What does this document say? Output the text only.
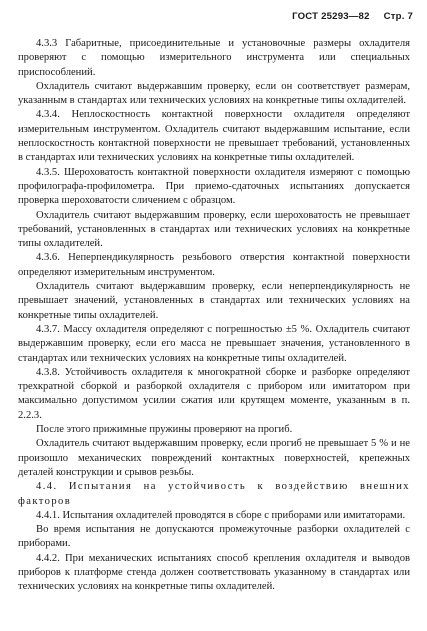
ГОСТ 25293—82 Стр. 7

4.3.3 Габаритные, присоединительные и установочные размеры охладителя проверяют с помощью измерительного инструмента или специальных приспособлений.

Охладитель считают выдержавшим проверку, если он соответствует размерам, указанным в стандартах или технических условиях на конкретные типы охладителей.

4.3.4. Неплоскостность контактной поверхности охладителя определяют измерительным инструментом. Охладитель считают выдержавшим испытание, если неплоскостность контактной поверхности не превышает требований, установленных в стандартах или технических условиях на конкретные типы охладителей.

4.3.5. Шероховатость контактной поверхности охладителя измеряют с помощью профилографа-профилометра. При приемо-сдаточных испытаниях допускается проверка шероховатости сличением с образцом.

Охладитель считают выдержавшим проверку, если шероховатость не превышает требований, установленных в стандартах или технических условиях на конкретные типы охладителей.

4.3.6. Неперпендикулярность резьбового отверстия контактной поверхности определяют измерительным инструментом.

Охладитель считают выдержавшим проверку, если неперпендикулярность не превышает значений, установленных в стандартах или технических условиях на конкретные типы охладителей.

4.3.7. Массу охладителя определяют с погрешностью ±5 %. Охладитель считают выдержавшим проверку, если его масса не превышает значения, установленного в стандартах или технических условиях на конкретные типы охладителей.

4.3.8. Устойчивость охладителя к многократной сборке и разборке определяют трехкратной сборкой и разборкой охладителя с прибором или имитатором при максимально допустимом усилии сжатия или крутящем моменте, указанным в п. 2.2.3.

После этого прижимные пружины проверяют на прогиб.

Охладитель считают выдержавшим проверку, если прогиб не превышает 5 % и не произошло механических повреждений контактных поверхностей, крепежных деталей конструкции и срывов резьбы.

4.4. Испытания на устойчивость к воздействию внешних факторов

4.4.1. Испытания охладителей проводятся в сборе с приборами или имитаторами.

Во время испытания не допускаются промежуточные разборки охладителей с приборами.

4.4.2. При механических испытаниях способ крепления охладителя и выводов приборов к платформе стенда должен соответствовать указанному в стандартах или технических условиях на конкретные типы охладителей.
